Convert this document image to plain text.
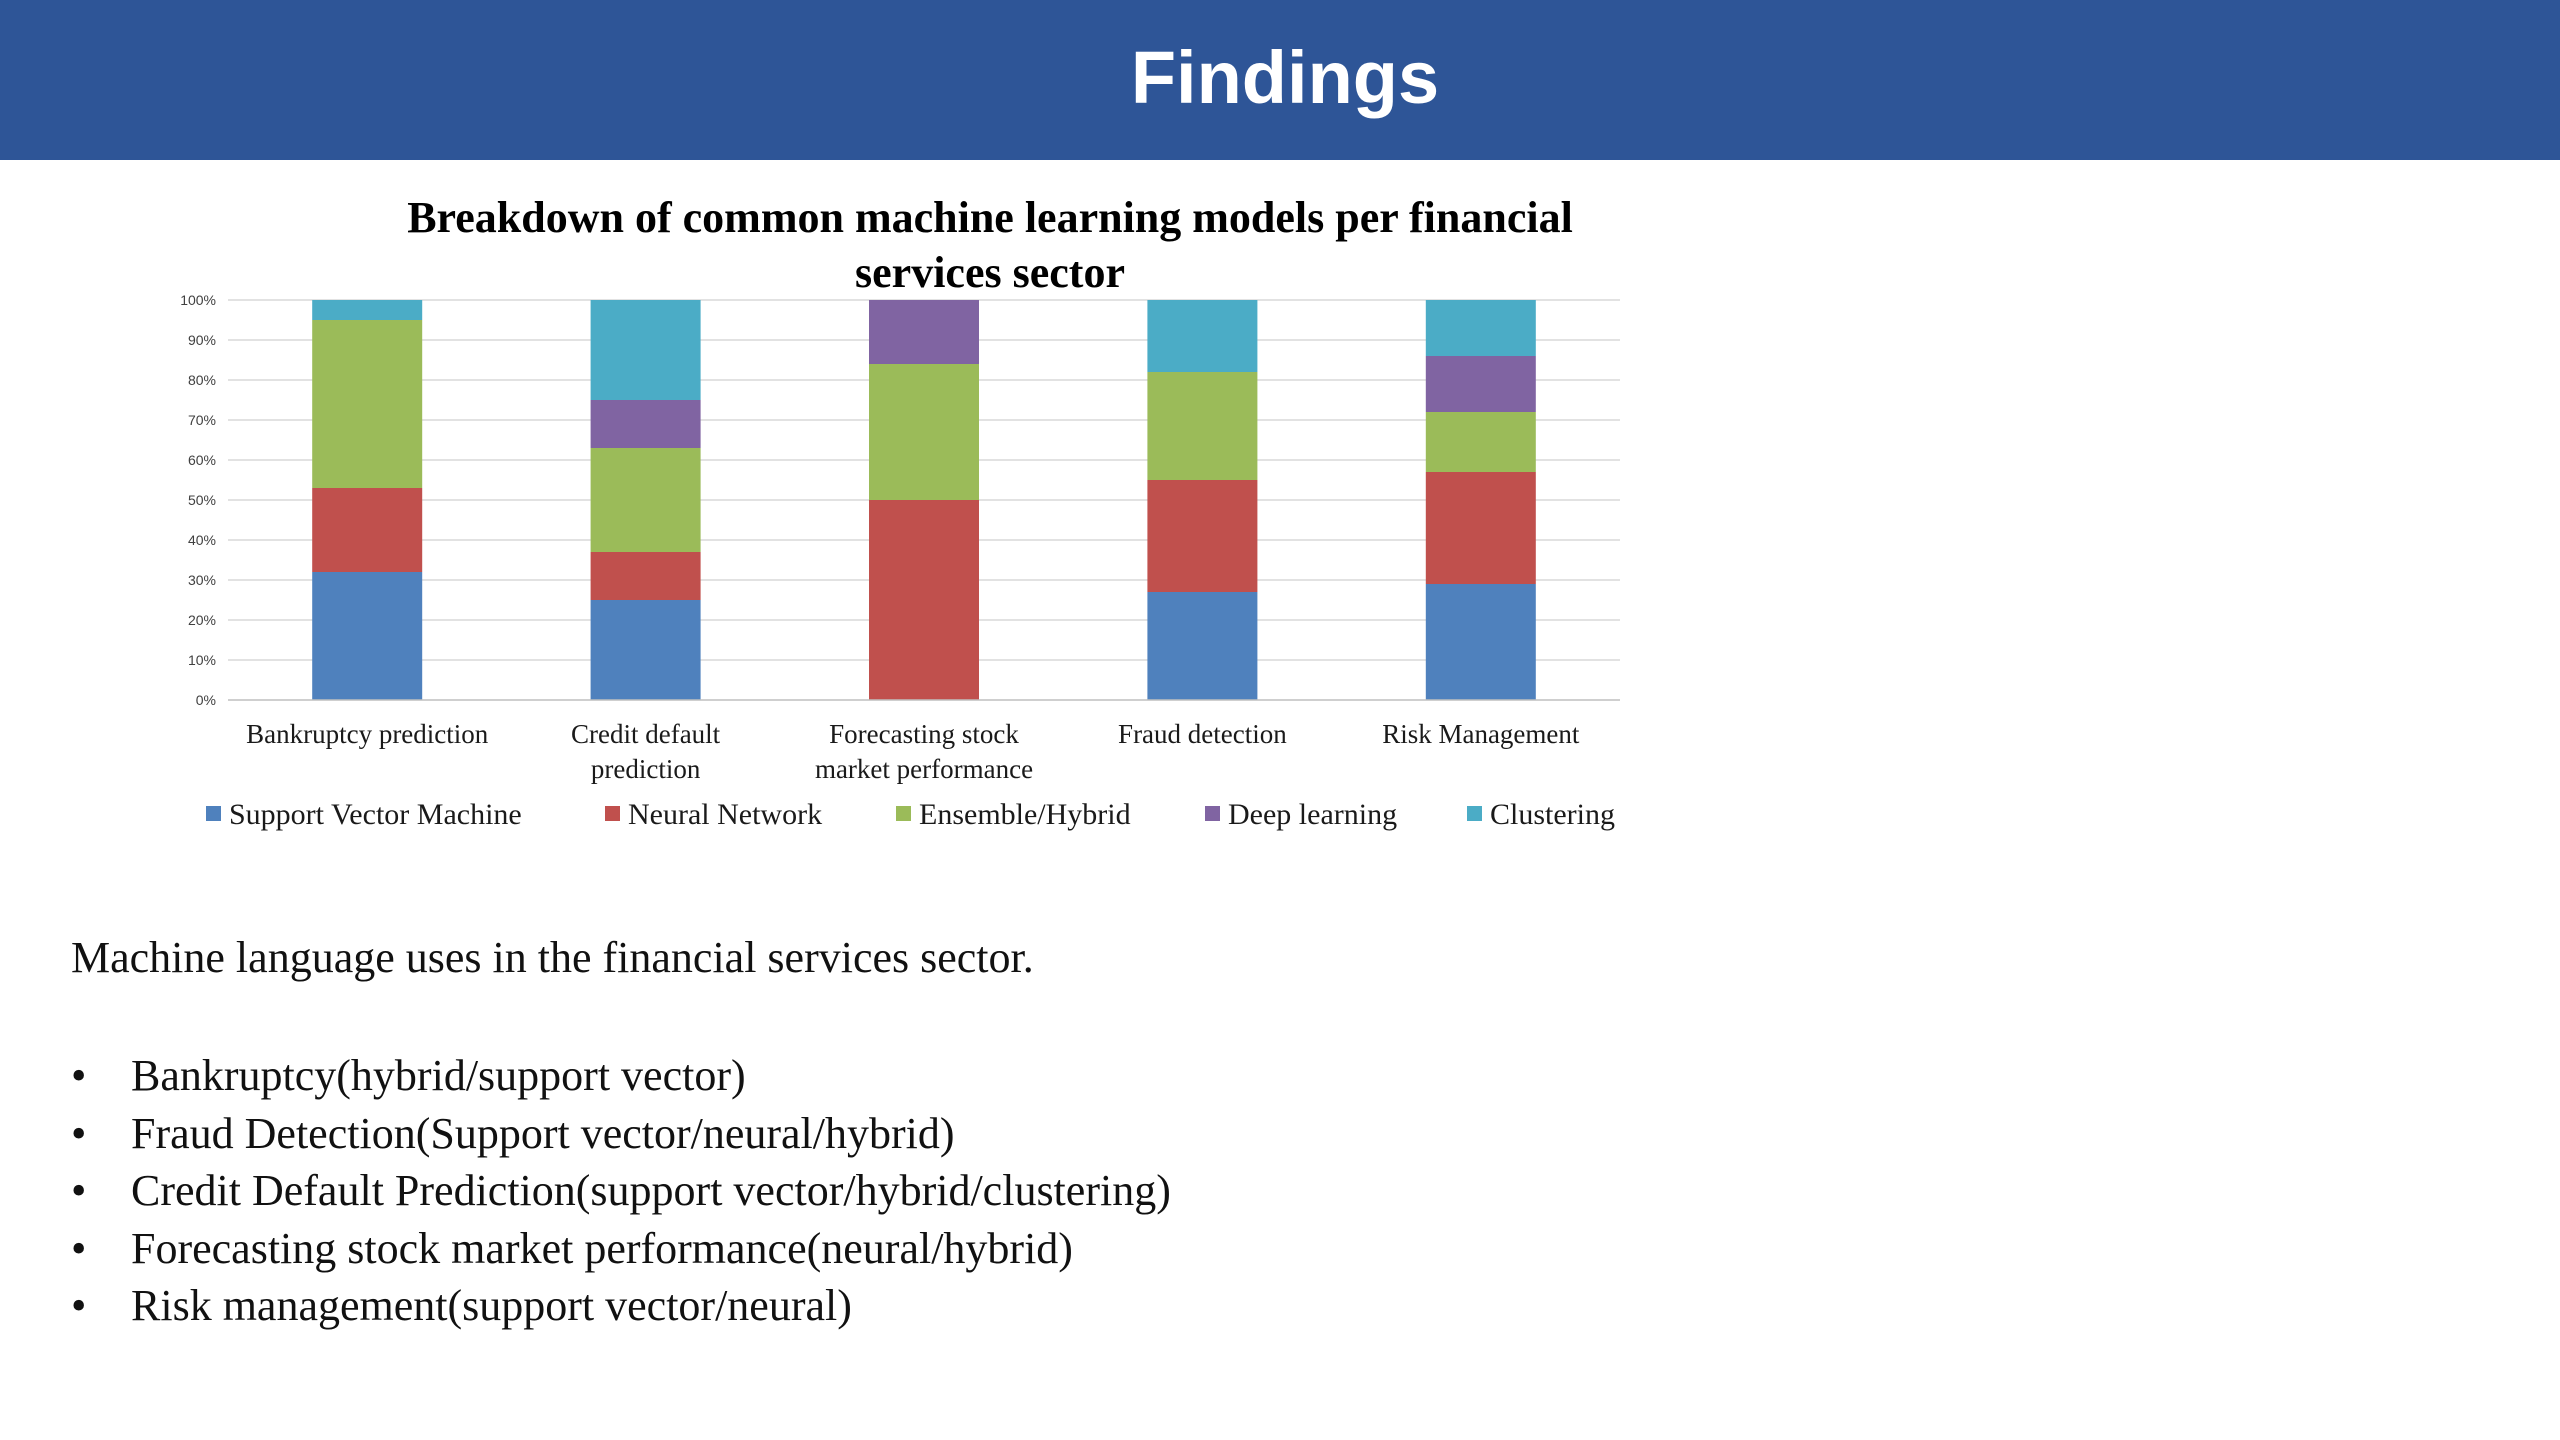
Findings
Breakdown of common machine learning models per financial
services sector
0%
10%
20%
30%
40%
50%
60%
70%
80%
90%
100%
Bankruptcy prediction	Credit default
prediction
Forecasting stock
market performance
Fraud detection	Risk Management
Support Vector Machine	Neural Network	Ensemble/Hybrid	Deep learning	Clustering

Machine language uses in the financial services sector.

• Bankruptcy(hybrid/support vector)
• Fraud Detection(Support vector/neural/hybrid)
• Credit Default Prediction(support vector/hybrid/clustering)
• Forecasting stock market performance(neural/hybrid)
• Risk management(support vector/neural)
